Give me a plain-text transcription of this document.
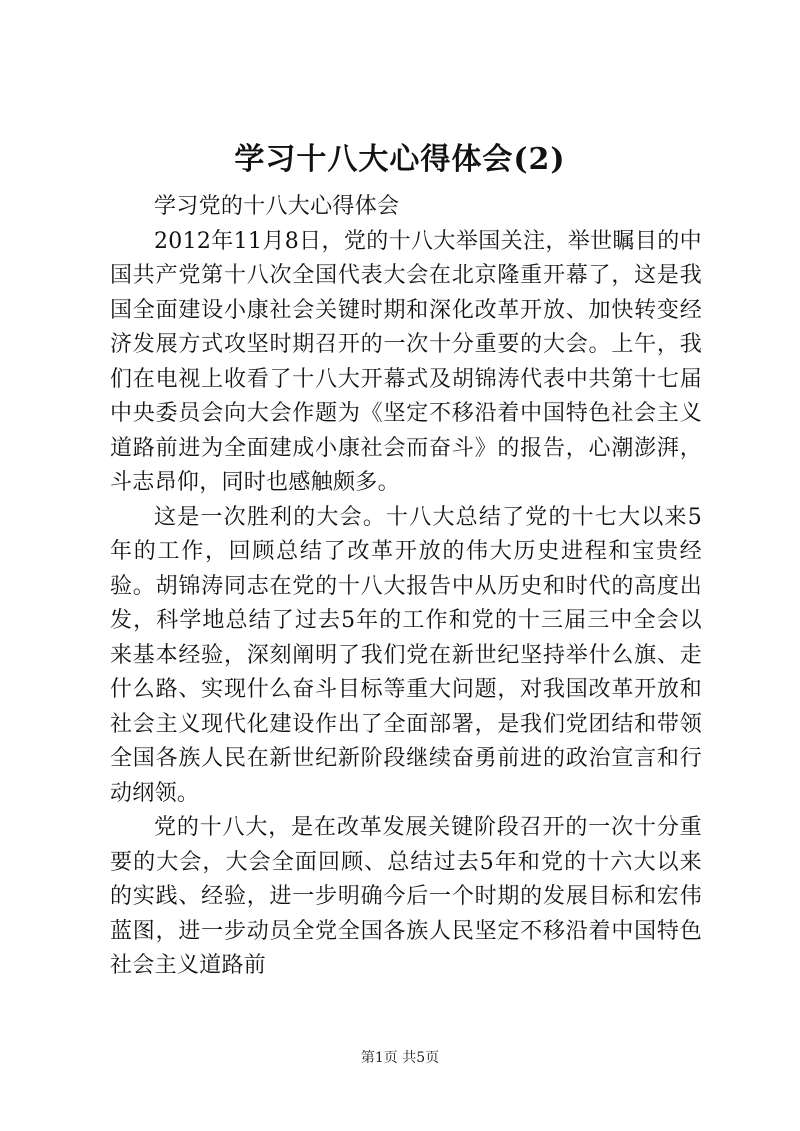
学习十八大心得体会(2)

学习党的十八大心得体会

2012年11月8日，党的十八大举国关注，举世瞩目的中国共产党第十八次全国代表大会在北京隆重开幕了，这是我国全面建设小康社会关键时期和深化改革开放、加快转变经济发展方式攻坚时期召开的一次十分重要的大会。上午，我们在电视上收看了十八大开幕式及胡锦涛代表中共第十七届中央委员会向大会作题为《坚定不移沿着中国特色社会主义道路前进为全面建成小康社会而奋斗》的报告，心潮澎湃，斗志昂仰，同时也感触颇多。

这是一次胜利的大会。十八大总结了党的十七大以来5年的工作，回顾总结了改革开放的伟大历史进程和宝贵经验。胡锦涛同志在党的十八大报告中从历史和时代的高度出发，科学地总结了过去5年的工作和党的十三届三中全会以来基本经验，深刻阐明了我们党在新世纪坚持举什么旗、走什么路、实现什么奋斗目标等重大问题，对我国改革开放和社会主义现代化建设作出了全面部署，是我们党团结和带领全国各族人民在新世纪新阶段继续奋勇前进的政治宣言和行动纲领。

党的十八大，是在改革发展关键阶段召开的一次十分重要的大会，大会全面回顾、总结过去5年和党的十六大以来的实践、经验，进一步明确今后一个时期的发展目标和宏伟蓝图，进一步动员全党全国各族人民坚定不移沿着中国特色社会主义道路前

第1页 共5页
